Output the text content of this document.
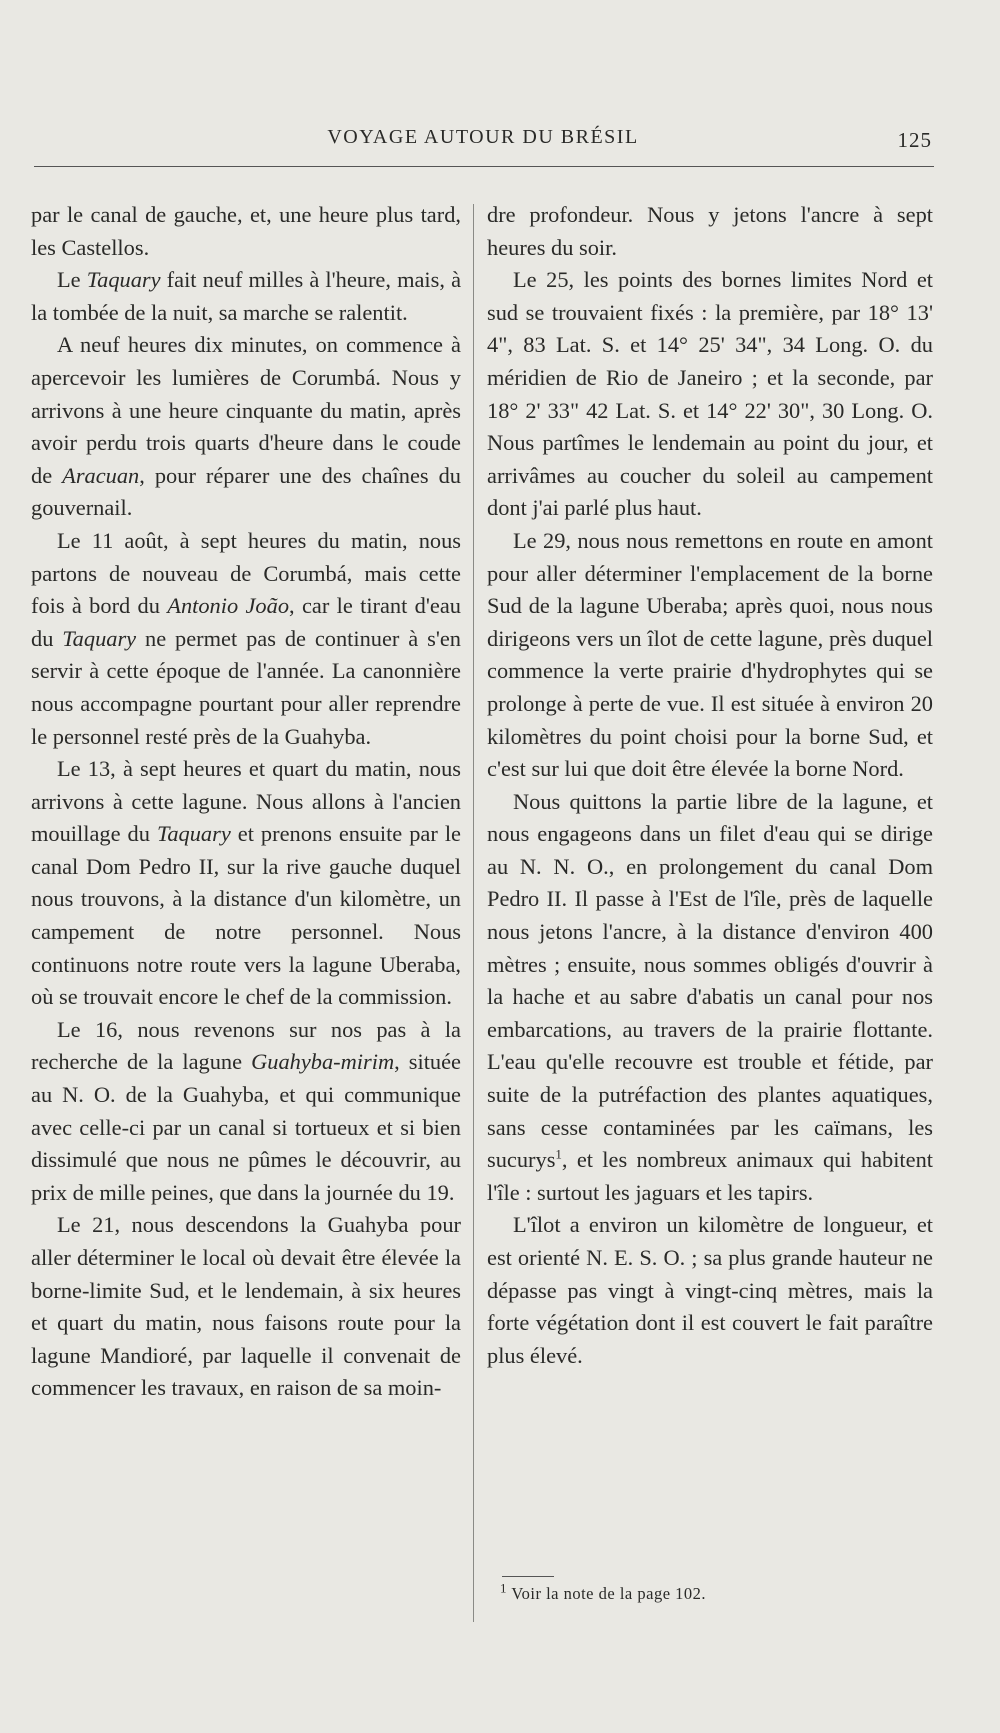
VOYAGE AUTOUR DU BRÉSIL	125

par le canal de gauche, et, une heure plus tard, les Castellos.

Le Taquary fait neuf milles à l'heure, mais, à la tombée de la nuit, sa marche se ralentit.

A neuf heures dix minutes, on commence à apercevoir les lumières de Corumbá. Nous y arrivons à une heure cinquante du matin, après avoir perdu trois quarts d'heure dans le coude de Aracuan, pour réparer une des chaînes du gouvernail.

Le 11 août, à sept heures du matin, nous partons de nouveau de Corumbá, mais cette fois à bord du Antonio João, car le tirant d'eau du Taquary ne permet pas de continuer à s'en servir à cette époque de l'année. La canonnière nous accompagne pourtant pour aller reprendre le personnel resté près de la Guahyba.

Le 13, à sept heures et quart du matin, nous arrivons à cette lagune. Nous allons à l'ancien mouillage du Taquary et prenons ensuite par le canal Dom Pedro II, sur la rive gauche duquel nous trouvons, à la distance d'un kilomètre, un campement de notre personnel. Nous continuons notre route vers la lagune Uberaba, où se trouvait encore le chef de la commission.

Le 16, nous revenons sur nos pas à la recherche de la lagune Guahyba-mirim, située au N. O. de la Guahyba, et qui communique avec celle-ci par un canal si tortueux et si bien dissimulé que nous ne pûmes le découvrir, au prix de mille peines, que dans la journée du 19.

Le 21, nous descendons la Guahyba pour aller déterminer le local où devait être élevée la borne-limite Sud, et le lendemain, à six heures et quart du matin, nous faisons route pour la lagune Mandioré, par laquelle il convenait de commencer les travaux, en raison de sa moin-

dre profondeur. Nous y jetons l'ancre à sept heures du soir.

Le 25, les points des bornes limites Nord et sud se trouvaient fixés : la première, par 18° 13' 4", 83 Lat. S. et 14° 25' 34", 34 Long. O. du méridien de Rio de Janeiro ; et la seconde, par 18° 2' 33" 42 Lat. S. et 14° 22' 30", 30 Long. O. Nous partîmes le lendemain au point du jour, et arrivâmes au coucher du soleil au campement dont j'ai parlé plus haut.

Le 29, nous nous remettons en route en amont pour aller déterminer l'emplacement de la borne Sud de la lagune Uberaba; après quoi, nous nous dirigeons vers un îlot de cette lagune, près duquel commence la verte prairie d'hydrophytes qui se prolonge à perte de vue. Il est située à environ 20 kilomètres du point choisi pour la borne Sud, et c'est sur lui que doit être élevée la borne Nord.

Nous quittons la partie libre de la lagune, et nous engageons dans un filet d'eau qui se dirige au N. N. O., en prolongement du canal Dom Pedro II. Il passe à l'Est de l'île, près de laquelle nous jetons l'ancre, à la distance d'environ 400 mètres ; ensuite, nous sommes obligés d'ouvrir à la hache et au sabre d'abatis un canal pour nos embarcations, au travers de la prairie flottante. L'eau qu'elle recouvre est trouble et fétide, par suite de la putréfaction des plantes aquatiques, sans cesse contaminées par les caïmans, les sucurys$^1$, et les nombreux animaux qui habitent l'île : surtout les jaguars et les tapirs.

L'îlot a environ un kilomètre de longueur, et est orienté N. E. S. O. ; sa plus grande hauteur ne dépasse pas vingt à vingt-cinq mètres, mais la forte végétation dont il est couvert le fait paraître plus élevé.

$^1$ Voir la note de la page 102.
